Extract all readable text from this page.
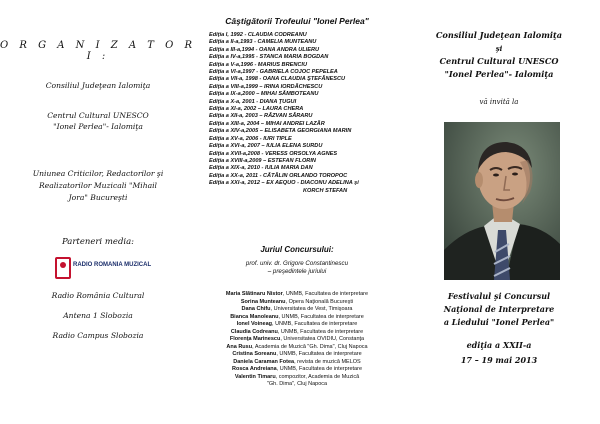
O R G A N I Z A T O R I :
Consiliul Judeţean Ialomiţa
Centrul Cultural UNESCO
"Ionel Perlea"- Ialomiţa
Uniunea Criticilor, Redactorilor şi
Realizatorilor Muzicali "Mihail
Jora" Bucureşti
Parteneri media:
RADIO ROMANIA MUZICAL
Radio România Cultural
Antena 1 Slobozia
Radio Campus Slobozia
Câştigătorii Trofeului "Ionel Perlea"
Ediţia I, 1992 - CLAUDIA CODREANU
Ediţia a II-a,1993 - CAMELIA MUNTEANU
Ediţia a III-a,1994 - OANA ANDRA ULIERU
Ediţia a IV-a,1995 - STANCA MARIA BOGDAN
Ediţia a V-a,1996 - MARIUS BRENCIU
Ediţia a VI-a,1997 - GABRIELA COJOC PEPELEA
Ediţia a VII-a, 1998 - OANA CLAUDIA ŞTEFĂNESCU
Ediţia a VIII-a,1999 – IRINA IORDĂCHESCU
Ediţia a IX-a,2000 – MIHAI SÂMBOTEANU
Ediţia a X-a, 2001 - DIANA ŢUGUI
Ediţia a XI-a, 2002 – LAURA CHERA
Ediţia a XII-a, 2003 – RĂZVAN SĂRARU
Ediţia a XIII-a, 2004 – MIHAI ANDREI LAZĂR
Ediţia a XIV-a,2005 – ELISABETA GEORGIANA MARIN
Ediţia a XV-a, 2006 - IURI TIPLE
Ediţia a XVI-a, 2007 – IULIA ELENA SURDU
Ediţia a XVII-a,2008 - VERESS ORSOLYA AGNES
Ediţia a XVIII-a,2009 – ESTEFAN FLORIN
Ediţia a XIX-a, 2010 - IULIA MARIA DAN
Ediţia a XX-a, 2011 - CĂTĂLIN ORLANDO TOROPOC
Ediţia a XXI-a, 2012 – EX AEQUO - DIACONU ADELINA şi
KORCH STEFAN
Juriul Concursului:
prof. univ. dr. Grigore Constantinescu
– preşedintele juriului
Maria Slătinaru Nistor, UNMB, Facultatea de interpretare
Sorina Munteanu, Opera Naţională Bucureşti
Dana Chifu, Universitatea de Vest, Timişoara
Bianca Manoleanu, UNMB, Facultatea de interpretare
Ionel Voineag, UNMB, Facultatea de interpretare
Claudia Codreanu, UNMB, Facultatea de interpretare
Florenţa Marinescu, Universitatea OVIDIU, Constanţa
Ana Rusu, Academia de Muzică "Gh. Dima", Cluj Napoca
Cristina Soreanu, UNMB, Facultatea de interpretare
Daniela Caraman Fotea, revista de muzică MELOS
Rosca Andreiana, UNMB, Facultatea de interpretare
Valentin Timaru, compozitor, Academia de Muzică
"Gh. Dima", Cluj Napoca
Consiliul Judeţean Ialomiţa
şi
Centrul Cultural UNESCO
"Ionel Perlea"- Ialomiţa
vă invită la
Festivalul şi Concursul
Naţional de Interpretare
a Liedului "Ionel Perlea"
ediţia a XXII-a
17 – 19 mai 2013
